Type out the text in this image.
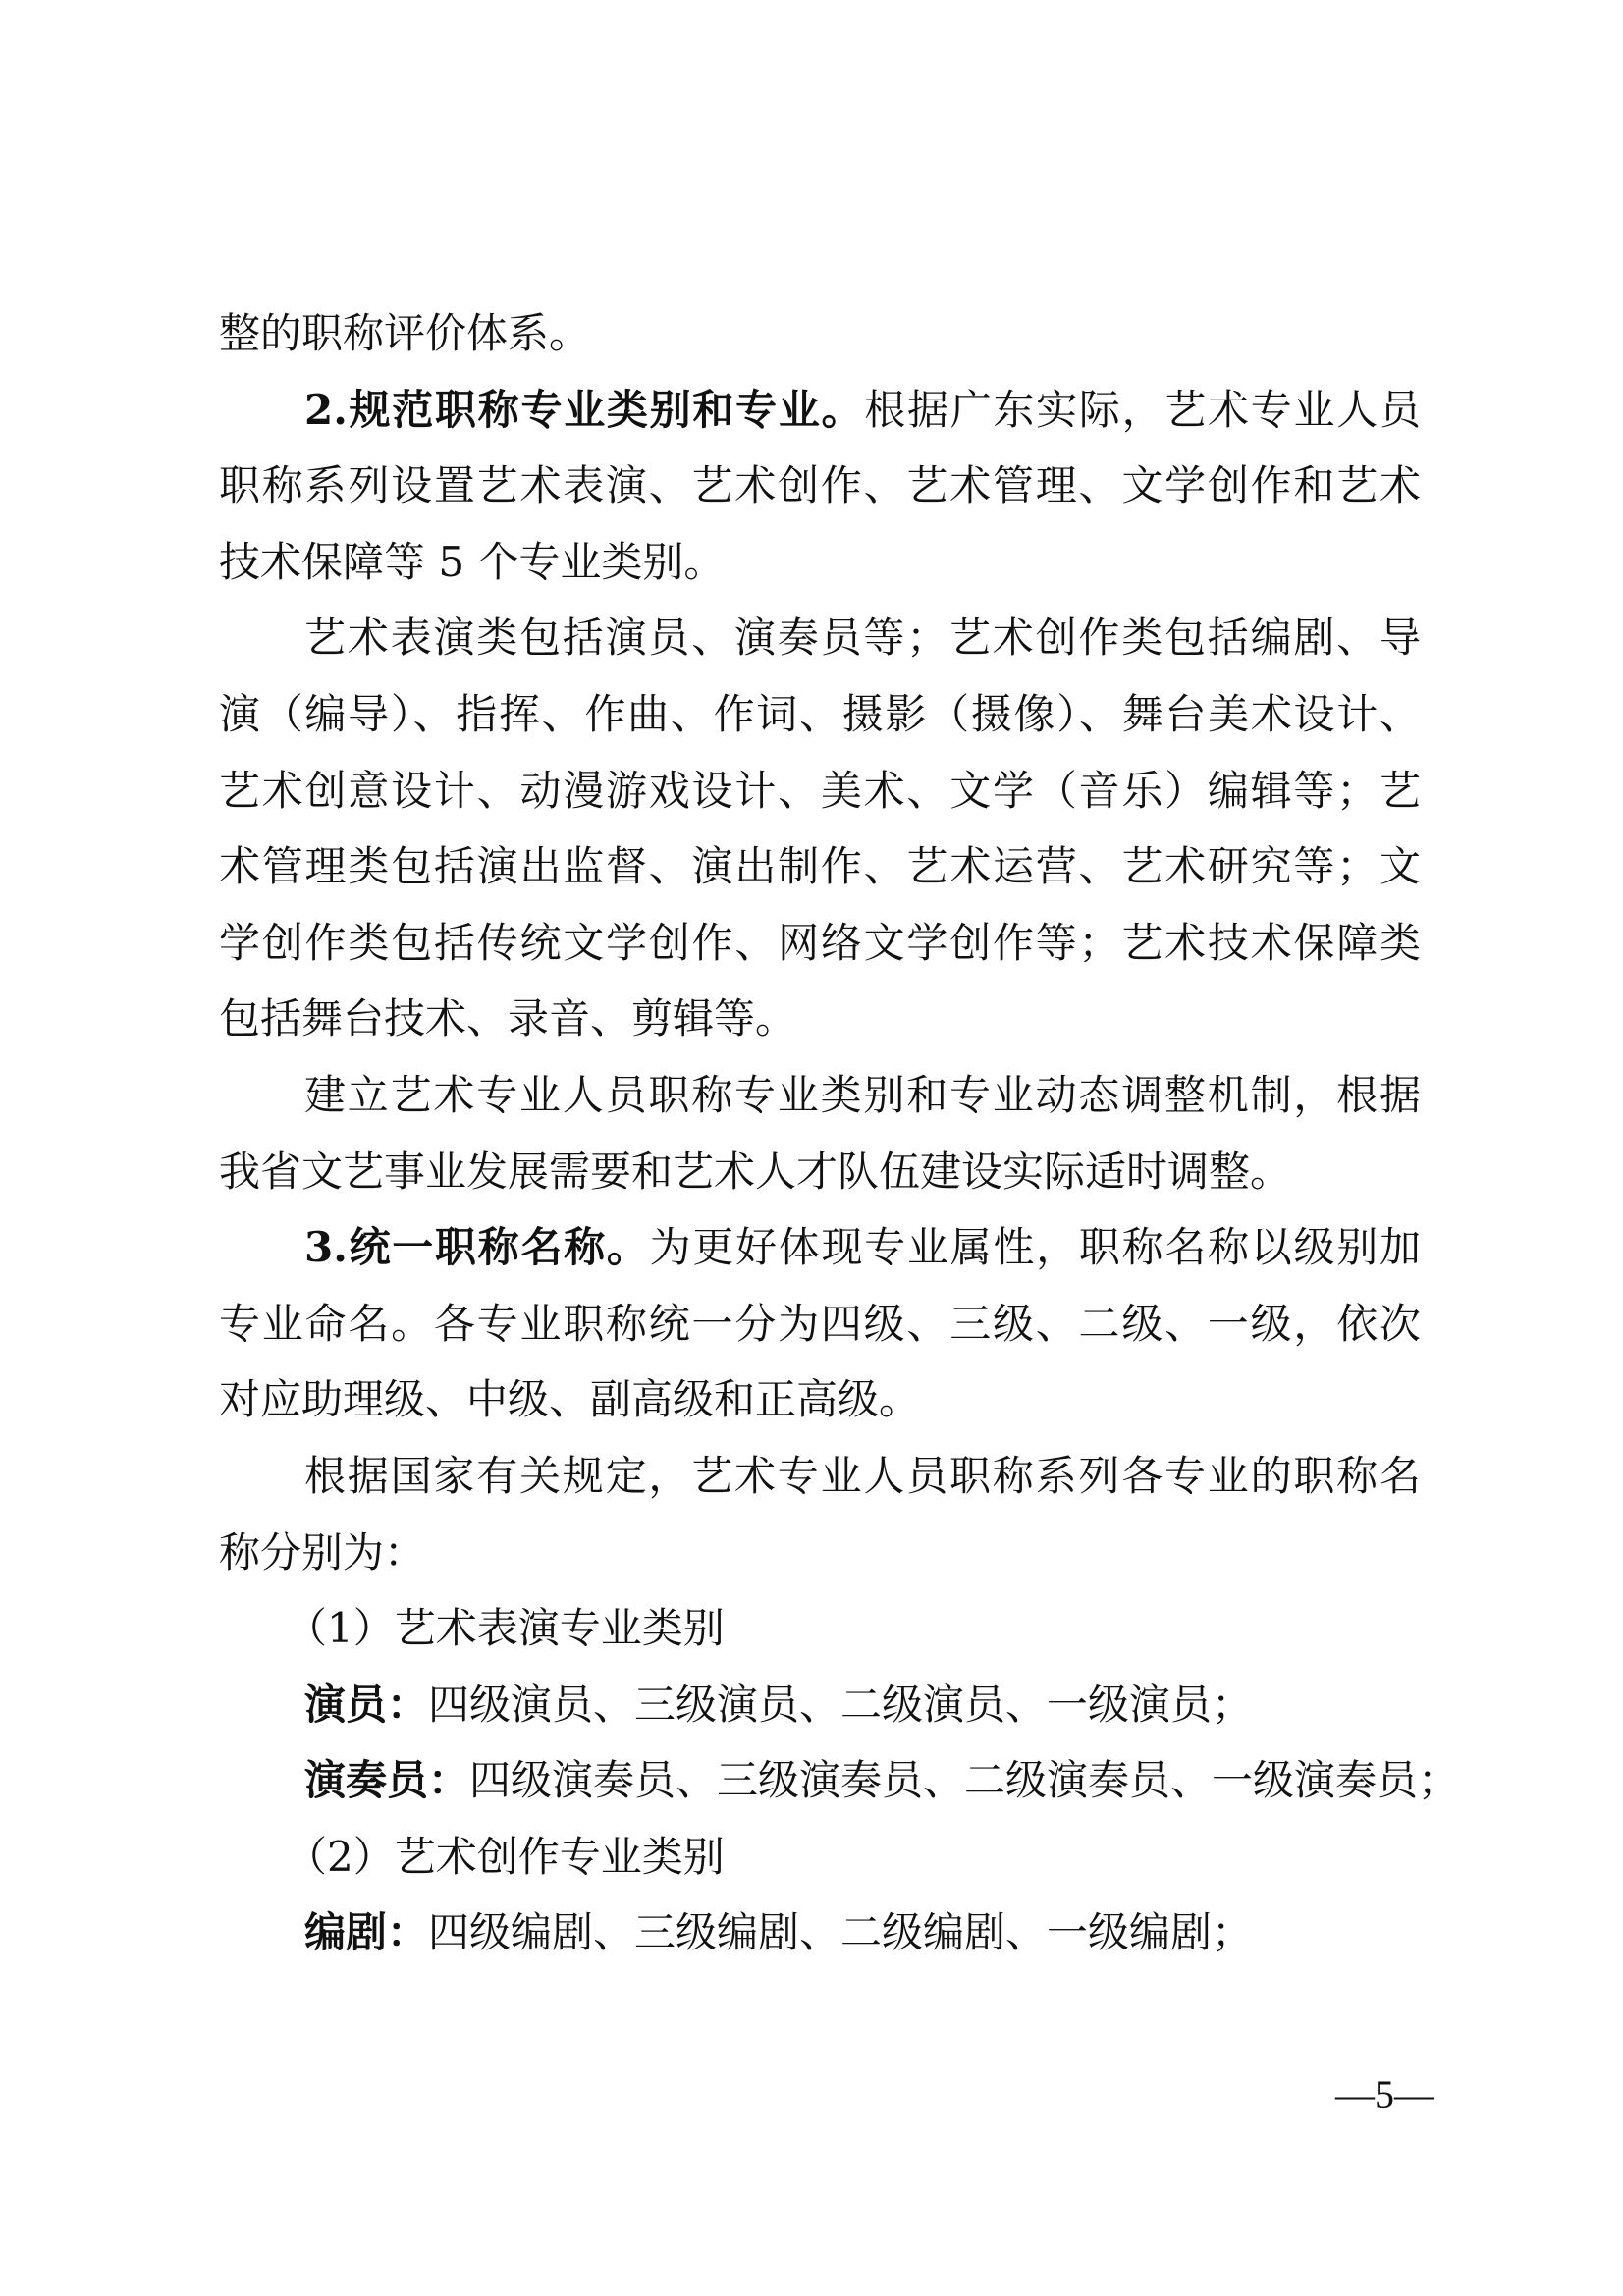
整的职称评价体系。
2.规范职称专业类别和专业。根据广东实际，艺术专业人员
职称系列设置艺术表演、艺术创作、艺术管理、文学创作和艺术
技术保障等 5 个专业类别。
艺术表演类包括演员、演奏员等；艺术创作类包括编剧、导
演（编导）、指挥、作曲、作词、摄影（摄像）、舞台美术设计、
艺术创意设计、动漫游戏设计、美术、文学（音乐）编辑等；艺
术管理类包括演出监督、演出制作、艺术运营、艺术研究等；文
学创作类包括传统文学创作、网络文学创作等；艺术技术保障类
包括舞台技术、录音、剪辑等。
建立艺术专业人员职称专业类别和专业动态调整机制，根据
我省文艺事业发展需要和艺术人才队伍建设实际适时调整。
3.统一职称名称。为更好体现专业属性，职称名称以级别加
专业命名。各专业职称统一分为四级、三级、二级、一级，依次
对应助理级、中级、副高级和正高级。
根据国家有关规定，艺术专业人员职称系列各专业的职称名
称分别为：
（1）艺术表演专业类别
演员：四级演员、三级演员、二级演员、一级演员；
演奏员：四级演奏员、三级演奏员、二级演奏员、一级演奏员；
（2）艺术创作专业类别
编剧：四级编剧、三级编剧、二级编剧、一级编剧；
—5—
